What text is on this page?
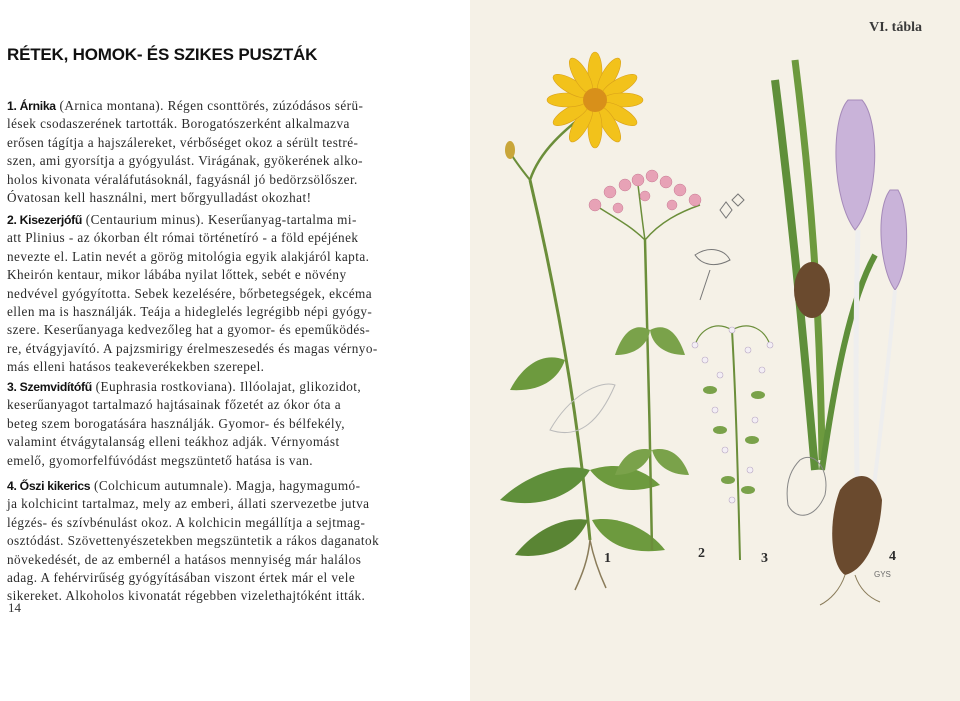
RÉTEK, HOMOK- ÉS SZIKES PUSZTÁK
1. Árnika (Arnica montana). Régen csonttörés, zúzódásos sérü-
lések csodaszerének tartották. Borogatószerként alkalmazva
erősen tágítja a hajszálereket, vérbőséget okoz a sérült testré-
szen, ami gyorsítja a gyógyulást. Virágának, gyökerének alko-
holos kivonata véraláfutásoknál, fagyásnál jó bedörzsölőszer.
Óvatosan kell használni, mert bőrgyulladást okozhat!
2. Kisezerjófű (Centaurium minus). Keserűanyag-tartalma mi-
att Plinius - az ókorban élt római történetíró - a föld epéjének
nevezte el. Latin nevét a görög mitológia egyik alakjáról kapta.
Kheirón kentaur, mikor lábába nyilat lőttek, sebét e növény
nedvével gyógyította. Sebek kezelésére, bőrbetegségek, ekcéma
ellen ma is használják. Teája a hideglelés legrégibb népi gyógy-
szere. Keserűanyaga kedvezőleg hat a gyomor- és epeműködés-
re, étvágyjavító. A pajzsmirigy érelmeszesedés és magas vérnyo-
más elleni hatásos teakeverékekben szerepel.
3. Szemvidítófű (Euphrasia rostkoviana). Illóolajat, glikozidot,
keserűanyagot tartalmazó hajtásainak főzetét az ókor óta a
beteg szem borogatására használják. Gyomor- és bélfekély,
valamint étvágytalanság elleni teákhoz adják. Vérnyomást
emelő, gyomorfelfúvódást megszüntető hatása is van.
4. Őszi kikerics (Colchicum autumnale). Magja, hagymagumó-
ja kolchicint tartalmaz, mely az emberi, állati szervezetbe jutva
légzés- és szívbénulást okoz. A kolchicin megállítja a sejtmag-
osztódást. Szövettenyészetekben megszüntetik a rákos daganatok
növekedését, de az embernél a hatásos mennyiség már halálos
adag. A fehérvirűség gyógyításában viszont értek már el vele
sikereket. Alkoholos kivonatát régebben vizelethajtóként itták.
14
VI. tábla
1	2	3	4
GYS
